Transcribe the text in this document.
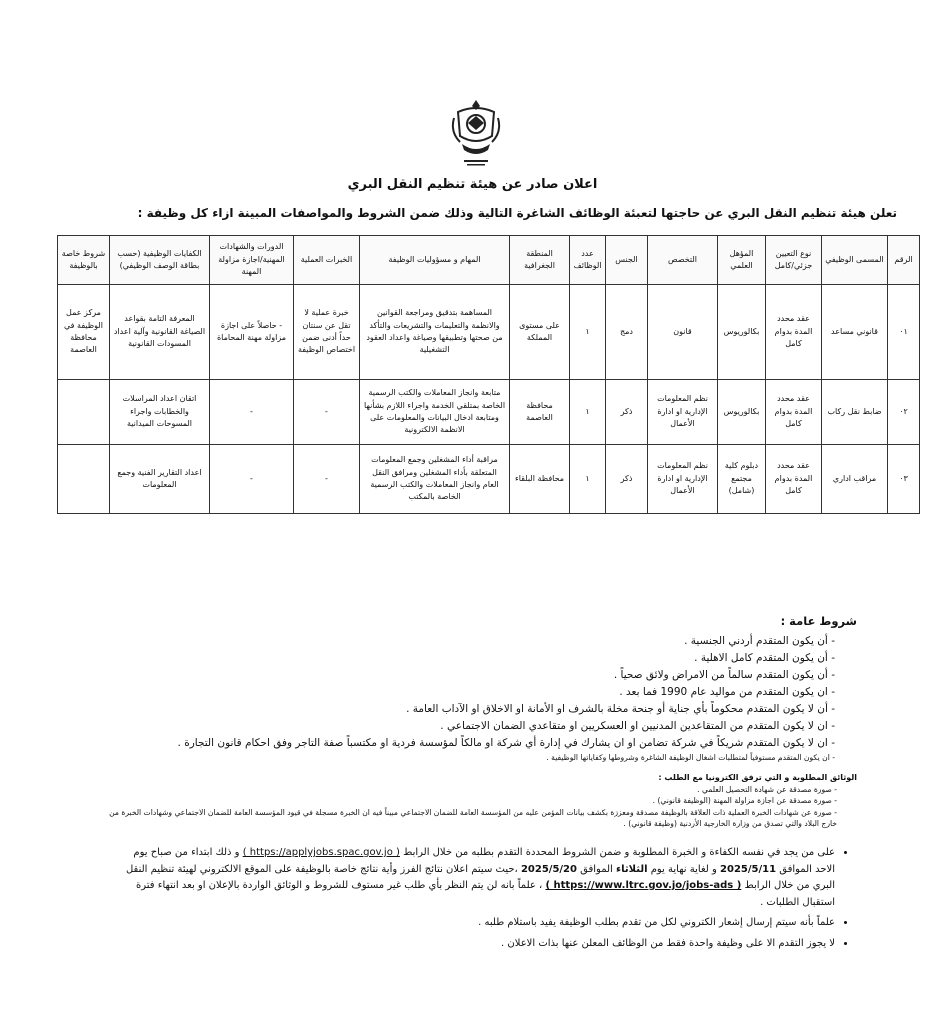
اعلان صادر عن هيئة تنظيم النقل البري
تعلن هيئة تنظيم النقل البري عن حاجتها لتعبئة الوظائف الشاغرة التالية وذلك ضمن الشروط والمواصفات المبينة ازاء كل وظيفة :
الرقم	المسمى الوظيفي	نوع التعيين جزئي/كامل	المؤهل العلمي	التخصص	الجنس	عدد الوظائف	المنطقة الجغرافية	المهام و مسؤوليات الوظيفة	الخبرات العملية	الدورات والشهادات المهنية/اجازة مزاولة المهنة	الكفايات الوظيفية (حسب بطاقة الوصف الوظيفي)	شروط خاصة بالوظيفة
٠١	قانوني مساعد	عقد محدد المدة بدوام كامل	بكالوريوس	قانون	دمج	١	على مستوى المملكة	المساهمة بتدقيق ومراجعة القوانين والانظمة والتعليمات والتشريعات والتأكد من صحتها وتطبيقها وصياغة واعداد العقود التشغيلية	خبرة عملية لا تقل عن سنتان حداً أدنى ضمن اختصاص الوظيفة	- حاصلاً على اجازة مزاولة مهنة المحاماة	المعرفة التامة بقواعد الصياغة القانونية وآلية اعداد المسودات القانونية	مركز عمل الوظيفة في محافظة العاصمة
٠٢	ضابط نقل ركاب	عقد محدد المدة بدوام كامل	بكالوريوس	نظم المعلومات الإدارية او ادارة الأعمال	ذكر	١	محافظة العاصمة	متابعة وانجاز المعاملات والكتب الرسمية الخاصة بمتلقي الخدمة واجراء اللازم بشأنها ومتابعة ادخال البيانات والمعلومات على الانظمة الالكترونية	-	-	اتقان اعداد المراسلات والخطابات واجراء المسوحات الميدانية	
٠٣	مراقب اداري	عقد محدد المدة بدوام كامل	دبلوم كلية مجتمع (شامل)	نظم المعلومات الإدارية او ادارة الأعمال	ذكر	١	محافظة البلقاء	مراقبة أداء المشغلين وجمع المعلومات المتعلقة بأداء المشغلين ومرافق النقل العام وانجاز المعاملات والكتب الرسمية الخاصة بالمكتب	-	-	اعداد التقارير الفنية وجمع المعلومات	
شروط عامة :
- أن يكون المتقدم أردني الجنسية .
- أن يكون المتقدم كامل الاهلية .
- أن يكون المتقدم سالماً من الامراض ولائق صحياً .
- ان يكون المتقدم من مواليد عام 1990 فما بعد .
- أن لا يكون المتقدم محكوماً بأي جناية أو جنحة مخلة بالشرف او الأمانة او الاخلاق او الآداب العامة .
- ان لا يكون المتقدم من المتقاعدين المدنيين او العسكريين او متقاعدي الضمان الاجتماعي .
- ان لا يكون المتقدم شريكاً في شركة تضامن او ان يشارك في إدارة أي شركة او مالكاً لمؤسسة فردية او مكتسباً صفة التاجر وفق احكام قانون التجارة .
- ان يكون المتقدم مستوفياً لمتطلبات اشغال الوظيفة الشاغرة وشروطها وكفاياتها الوظيفية .
الوثائق المطلوبة و التي ترفق الكترونيا مع الطلب :
- صورة مصدقة عن شهادة التحصيل العلمي .
- صورة مصدقة عن اجازة مزاولة المهنة (الوظيفة قانوني) .
- صورة عن شهادات الخبرة العملية ذات العلاقة بالوظيفة مصدقة ومعززة بكشف بيانات المؤمن عليه من المؤسسة العامة للضمان الاجتماعي مبيناً فيه ان الخبرة مسجلة في قيود المؤسسة العامة للضمان الاجتماعي وشهادات الخبرة من خارج البلاد والتي تصدق من وزارة الخارجية الأردنية (وظيفة قانوني) .
• على من يجد في نفسه الكفاءة و الخبرة المطلوبة و ضمن الشروط المحددة التقدم بطلبه من خلال الرابط ( https://applyjobs.spac.gov.jo ) و ذلك ابتداء من صباح يوم الاحد الموافق 2025/5/11 و لغاية نهاية يوم الثلاثاء الموافق 2025/5/20 ،حيث سيتم اعلان نتائج الفرز وأية نتائج خاصة بالوظيفة على الموقع الالكتروني لهيئة تنظيم النقل البري من خلال الرابط ( https://www.ltrc.gov.jo/jobs-ads ) ، علماً بانه لن يتم النظر بأي طلب غير مستوف للشروط و الوثائق الواردة بالإعلان او بعد انتهاء فترة استقبال الطلبات .
• علماً بأنه سيتم إرسال إشعار الكتروني لكل من تقدم بطلب الوظيفة يفيد باستلام طلبه .
• لا يجوز التقدم الا على وظيفة واحدة فقط من الوظائف المعلن عنها بذات الاعلان .
